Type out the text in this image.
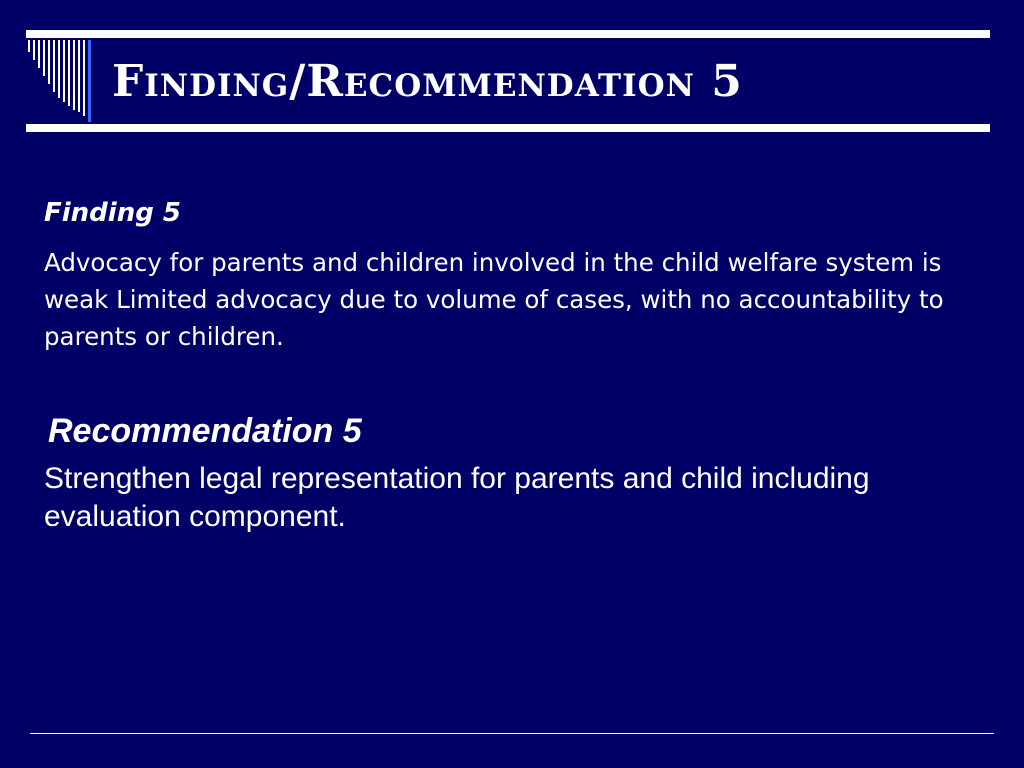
Finding/Recommendation 5
Finding 5

Advocacy for parents and children involved in the child welfare system is weak Limited advocacy due to volume of cases, with no accountability to parents or children.

Recommendation 5

Strengthen legal representation for parents and child including evaluation component.
